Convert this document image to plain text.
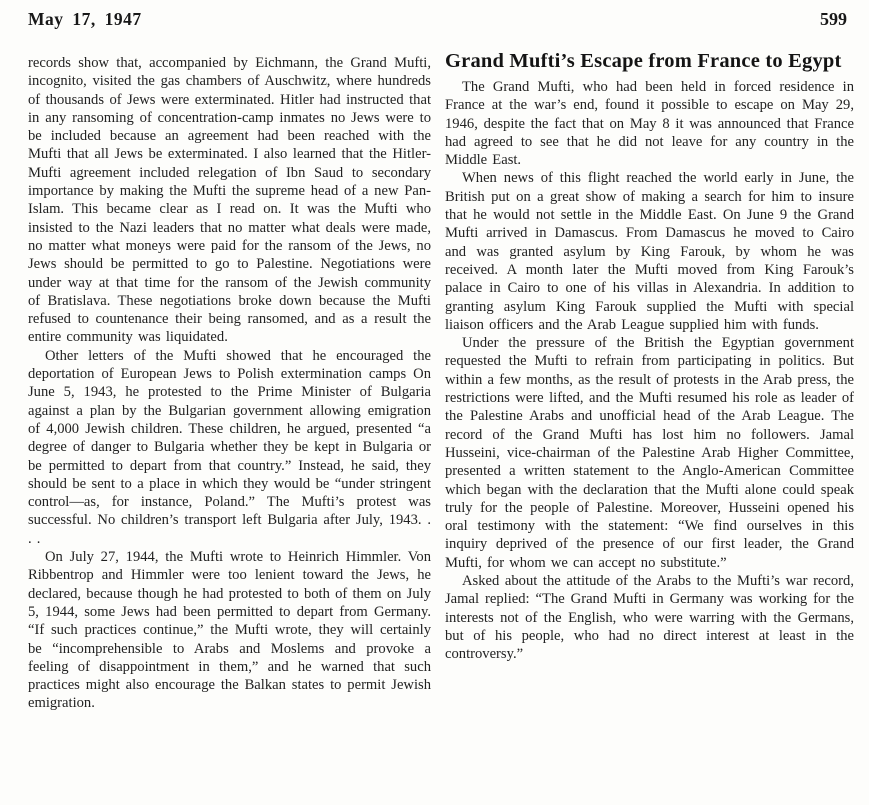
May 17, 1947	599

records show that, accompanied by Eichmann, the Grand Mufti, incognito, visited the gas chambers of Auschwitz, where hundreds of thousands of Jews were exterminated. Hitler had instructed that in any ransoming of concentration-camp inmates no Jews were to be included because an agreement had been reached with the Mufti that all Jews be exterminated. I also learned that the Hitler-Mufti agreement included relegation of Ibn Saud to secondary importance by making the Mufti the supreme head of a new Pan-Islam. This became clear as I read on. It was the Mufti who insisted to the Nazi leaders that no matter what deals were made, no matter what moneys were paid for the ransom of the Jews, no Jews should be permitted to go to Palestine. Negotiations were under way at that time for the ransom of the Jewish community of Bratislava. These negotiations broke down because the Mufti refused to countenance their being ransomed, and as a result the entire community was liquidated.

Other letters of the Mufti showed that he encouraged the deportation of European Jews to Polish extermination camps On June 5, 1943, he protested to the Prime Minister of Bulgaria against a plan by the Bulgarian government allowing emigration of 4,000 Jewish children. These children, he argued, presented “a degree of danger to Bulgaria whether they be kept in Bulgaria or be permitted to depart from that country.” Instead, he said, they should be sent to a place in which they would be “under stringent control—as, for instance, Poland.” The Mufti’s protest was successful. No children’s transport left Bulgaria after July, 1943. . . .

On July 27, 1944, the Mufti wrote to Heinrich Himmler. Von Ribbentrop and Himmler were too lenient toward the Jews, he declared, because though he had protested to both of them on July 5, 1944, some Jews had been permitted to depart from Germany. “If such practices continue,” the Mufti wrote, they will certainly be “incomprehensible to Arabs and Moslems and provoke a feeling of disappointment in them,” and he warned that such practices might also encourage the Balkan states to permit Jewish emigration.

Grand Mufti’s Escape from France to Egypt

The Grand Mufti, who had been held in forced residence in France at the war’s end, found it possible to escape on May 29, 1946, despite the fact that on May 8 it was announced that France had agreed to see that he did not leave for any country in the Middle East.

When news of this flight reached the world early in June, the British put on a great show of making a search for him to insure that he would not settle in the Middle East. On June 9 the Grand Mufti arrived in Damascus. From Damascus he moved to Cairo and was granted asylum by King Farouk, by whom he was received. A month later the Mufti moved from King Farouk’s palace in Cairo to one of his villas in Alexandria. In addition to granting asylum King Farouk supplied the Mufti with special liaison officers and the Arab League supplied him with funds.

Under the pressure of the British the Egyptian government requested the Mufti to refrain from participating in politics. But within a few months, as the result of protests in the Arab press, the restrictions were lifted, and the Mufti resumed his role as leader of the Palestine Arabs and unofficial head of the Arab League. The record of the Grand Mufti has lost him no followers. Jamal Husseini, vice-chairman of the Palestine Arab Higher Committee, presented a written statement to the Anglo-American Committee which began with the declaration that the Mufti alone could speak truly for the people of Palestine. Moreover, Husseini opened his oral testimony with the statement: “We find ourselves in this inquiry deprived of the presence of our first leader, the Grand Mufti, for whom we can accept no substitute.”

Asked about the attitude of the Arabs to the Mufti’s war record, Jamal replied: “The Grand Mufti in Germany was working for the interests not of the English, who were warring with the Germans, but of his people, who had no direct interest at least in the controversy.”
